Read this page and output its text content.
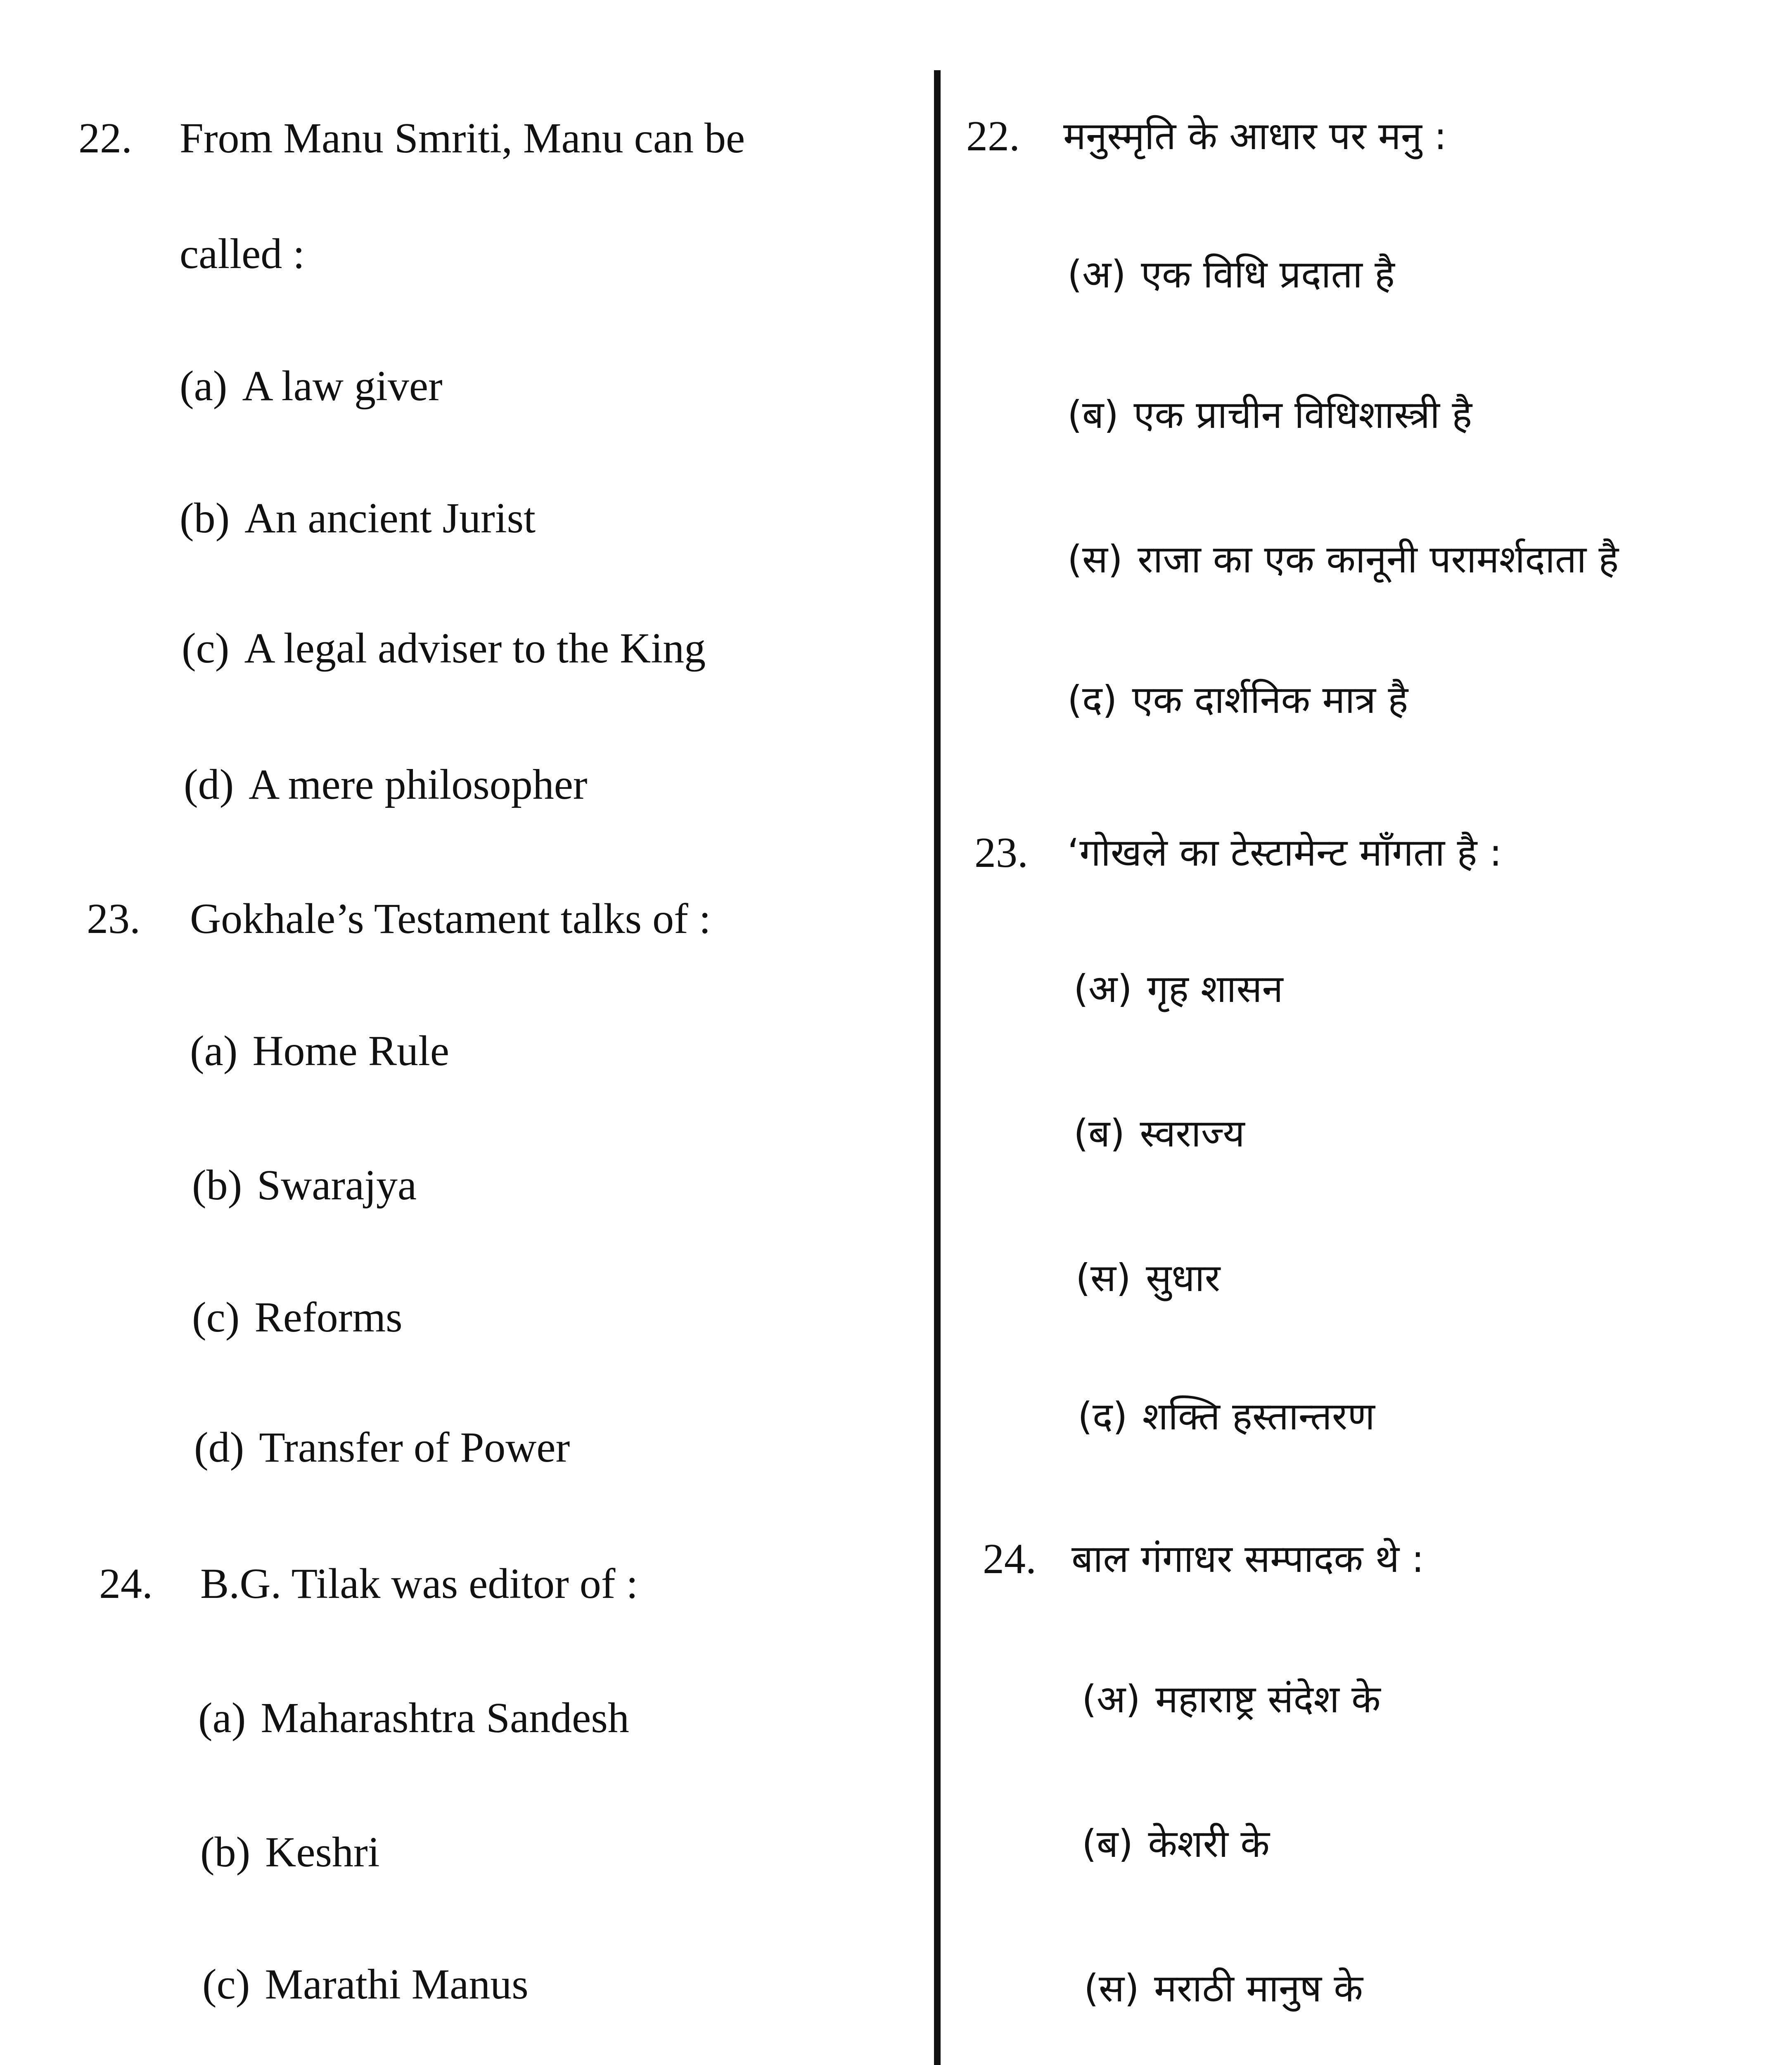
22. From Manu Smriti, Manu can be
called :
(a) A law giver
(b) An ancient Jurist
(c) A legal adviser to the King
(d) A mere philosopher
23. Gokhale’s Testament talks of :
(a) Home Rule
(b) Swarajya
(c) Reforms
(d) Transfer of Power
24. B.G. Tilak was editor of :
(a) Maharashtra Sandesh
(b) Keshri
(c) Marathi Manus
22. मनुस्मृति के आधार पर मनु :
(अ) एक विधि प्रदाता है
(ब) एक प्राचीन विधिशास्त्री है
(स) राजा का एक कानूनी परामर्शदाता है
(द) एक दार्शनिक मात्र है
23. ‘गोखले का टेस्टामेन्ट माँगता है :
(अ) गृह शासन
(ब) स्वराज्य
(स) सुधार
(द) शक्ति हस्तान्तरण
24. बाल गंगाधर सम्पादक थे :
(अ) महाराष्ट्र संदेश के
(ब) केशरी के
(स) मराठी मानुष के
